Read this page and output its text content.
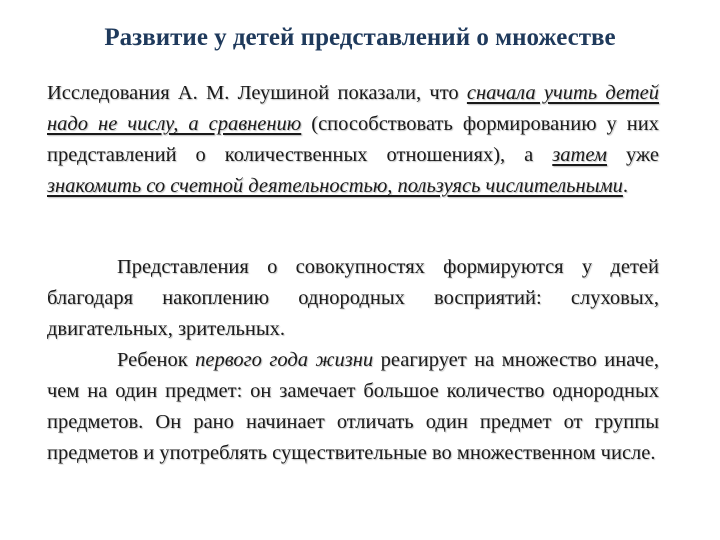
Развитие у детей представлений о множестве
Исследования А. М. Леушиной показали, что сначала учить детей надо не числу, а сравнению (способствовать формированию у них представлений о количественных отношениях), а затем уже знакомить со счетной деятельностью, пользуясь числительными.

Представления о совокупностях формируются у детей благодаря накоплению однородных восприятий: слуховых, двигательных, зрительных.

Ребенок первого года жизни реагирует на множество иначе, чем на один предмет: он замечает большое количество однородных предметов. Он рано начинает отличать один предмет от группы предметов и употреблять существительные во множественном числе.
